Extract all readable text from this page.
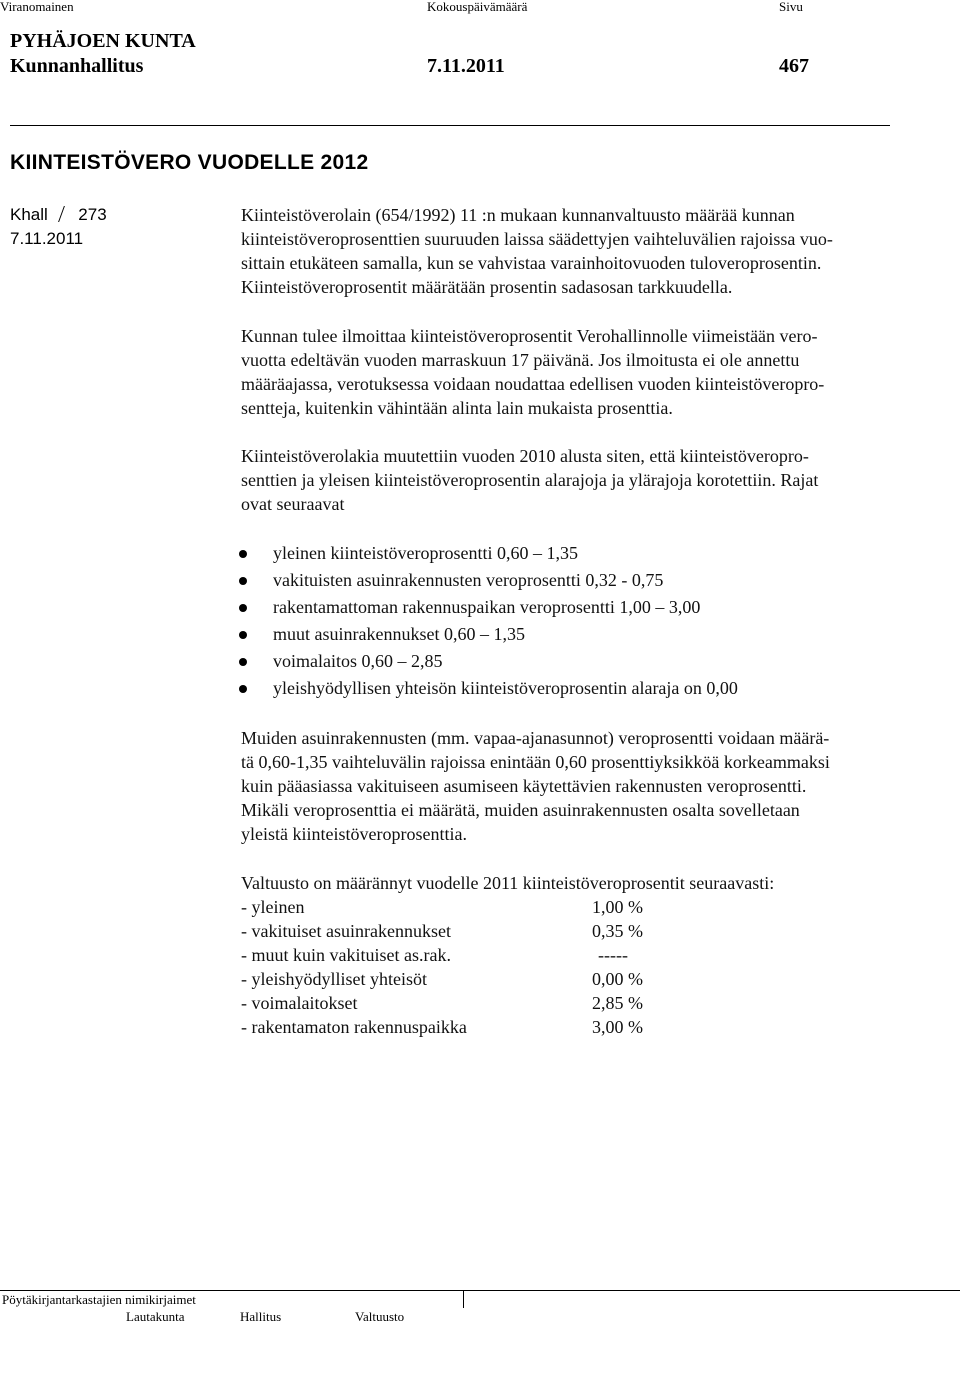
Viranomainen	Kokouspäivämäärä	Sivu
PYHÄJOEN KUNTA
Kunnanhallitus	7.11.2011	467
KIINTEISTÖVERO VUODELLE 2012
Khall 273
7.11.2011
Kiinteistöverolain (654/1992) 11 :n mukaan kunnanvaltuusto määrää kunnan
kiinteistöveroprosenttien suuruuden laissa säädettyjen vaihteluvälien rajoissa vuo-
sittain etukäteen samalla, kun se vahvistaa varainhoitovuoden tuloveroprosentin.
Kiinteistöveroprosentit määrätään prosentin sadasosan tarkkuudella.
Kunnan tulee ilmoittaa kiinteistöveroprosentit Verohallinnolle viimeistään vero-
vuotta edeltävän vuoden marraskuun 17 päivänä. Jos ilmoitusta ei ole annettu
määräajassa, verotuksessa voidaan noudattaa edellisen vuoden kiinteistöveropro-
sentteja, kuitenkin vähintään alinta lain mukaista prosenttia.
Kiinteistöverolakia muutettiin vuoden 2010 alusta siten, että kiinteistöveropro-
senttien ja yleisen kiinteistöveroprosentin alarajoja ja ylärajoja korotettiin. Rajat
ovat seuraavat
yleinen kiinteistöveroprosentti 0,60 – 1,35
vakituisten asuinrakennusten veroprosentti 0,32 - 0,75
rakentamattoman rakennuspaikan veroprosentti 1,00 – 3,00
muut asuinrakennukset 0,60 – 1,35
voimalaitos 0,60 – 2,85
yleishyödyllisen yhteisön kiinteistöveroprosentin alaraja on 0,00
Muiden asuinrakennusten (mm. vapaa-ajanasunnot) veroprosentti voidaan määrä-
tä 0,60-1,35 vaihteluvälin rajoissa enintään 0,60 prosenttiyksikköä korkeammaksi
kuin pääasiassa vakituiseen asumiseen käytettävien rakennusten veroprosentti.
Mikäli veroprosenttia ei määrätä, muiden asuinrakennusten osalta sovelletaan
yleistä kiinteistöveroprosenttia.
Valtuusto on määrännyt vuodelle 2011 kiinteistöveroprosentit seuraavasti:
- yleinen	1,00 %
- vakituiset asuinrakennukset	0,35 %
- muut kuin vakituiset as.rak.	-----
- yleishyödylliset yhteisöt	0,00 %
- voimalaitokset	2,85 %
- rakentamaton rakennuspaikka	3,00 %
Pöytäkirjantarkastajien nimikirjaimet
Lautakunta	Hallitus	Valtuusto
